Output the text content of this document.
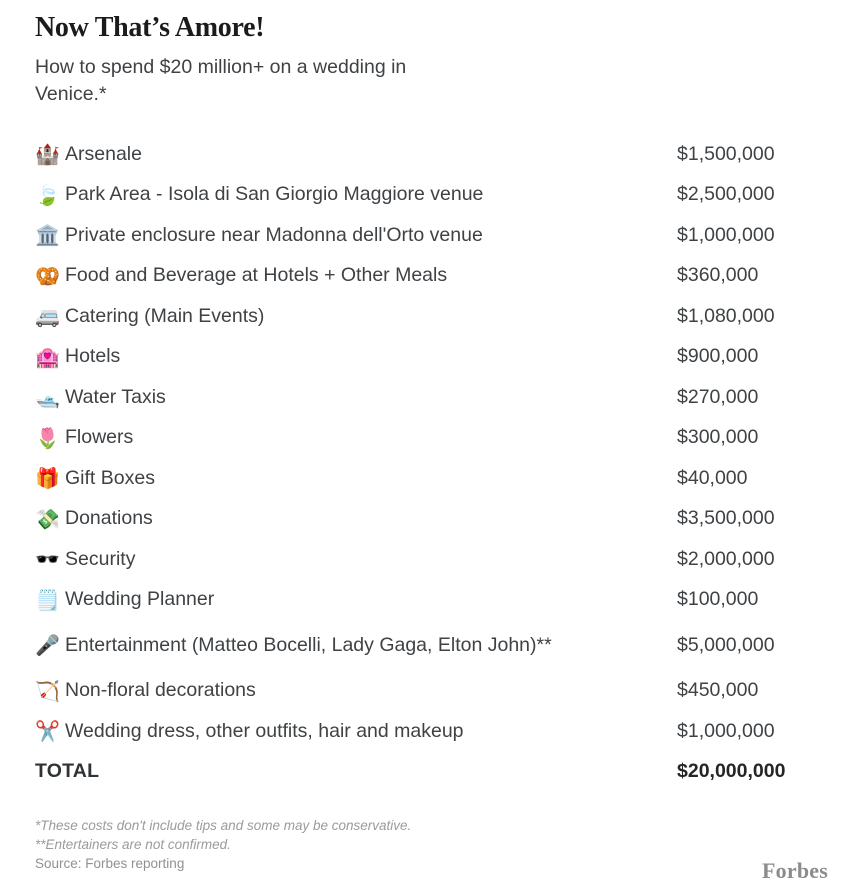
Now That’s Amore!
How to spend $20 million+ on a wedding in Venice.*
🏰 Arsenale	$1,500,000
🍃 Park Area - Isola di San Giorgio Maggiore venue	$2,500,000
🏛️ Private enclosure near Madonna dell'Orto venue	$1,000,000
🥨 Food and Beverage at Hotels + Other Meals	$360,000
🚐 Catering (Main Events)	$1,080,000
🏩 Hotels	$900,000
🛥️ Water Taxis	$270,000
🌷 Flowers	$300,000
🎁 Gift Boxes	$40,000
💸 Donations	$3,500,000
🕶️ Security	$2,000,000
🗒️ Wedding Planner	$100,000
🎤 Entertainment (Matteo Bocelli, Lady Gaga, Elton John)**	$5,000,000
🏹 Non-floral decorations	$450,000
✂️ Wedding dress, other outfits, hair and makeup	$1,000,000
TOTAL	$20,000,000
*These costs don't include tips and some may be conservative.
**Entertainers are not confirmed.
Source: Forbes reporting	Forbes
